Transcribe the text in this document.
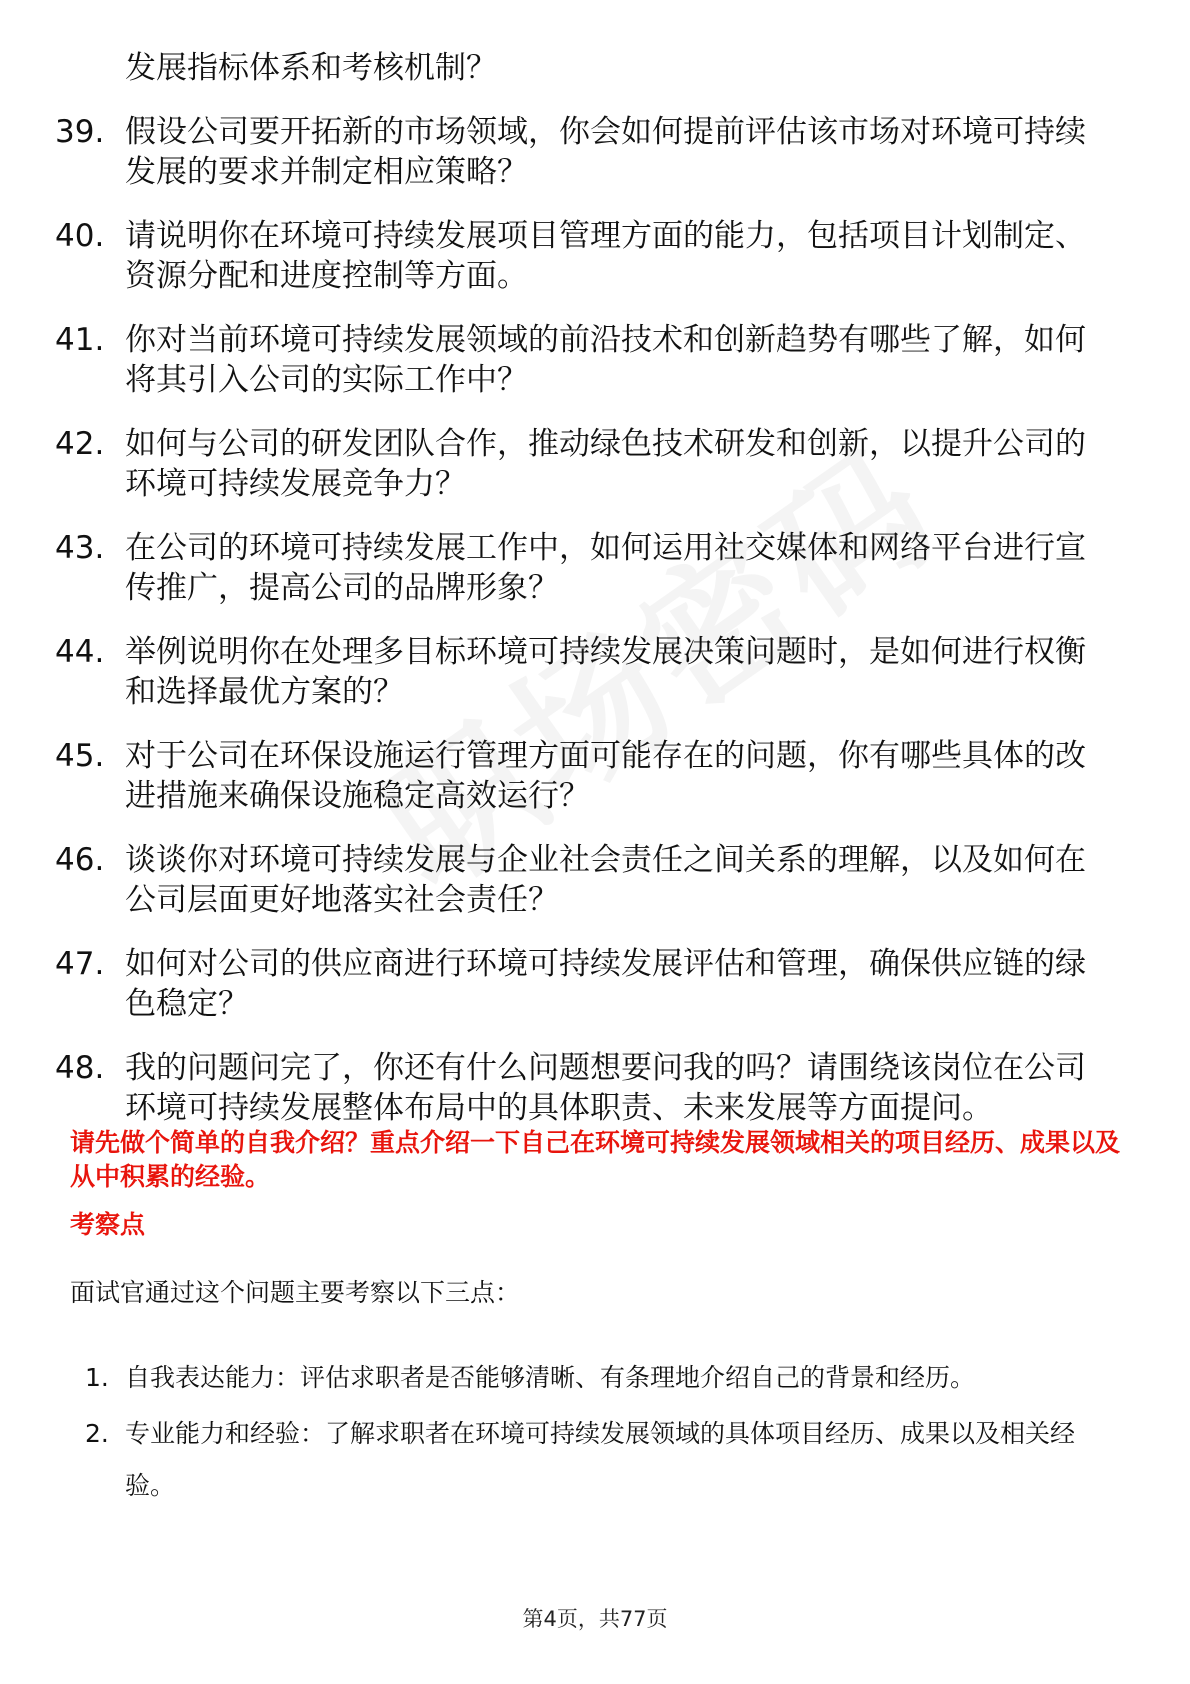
发展指标体系和考核机制？
39. 假设公司要开拓新的市场领域，你会如何提前评估该市场对环境可持续发展的要求并制定相应策略？
40. 请说明你在环境可持续发展项目管理方面的能力，包括项目计划制定、资源分配和进度控制等方面。
41. 你对当前环境可持续发展领域的前沿技术和创新趋势有哪些了解，如何将其引入公司的实际工作中？
42. 如何与公司的研发团队合作，推动绿色技术研发和创新，以提升公司的环境可持续发展竞争力？
43. 在公司的环境可持续发展工作中，如何运用社交媒体和网络平台进行宣传推广，提高公司的品牌形象？
44. 举例说明你在处理多目标环境可持续发展决策问题时，是如何进行权衡和选择最优方案的？
45. 对于公司在环保设施运行管理方面可能存在的问题，你有哪些具体的改进措施来确保设施稳定高效运行？
46. 谈谈你对环境可持续发展与企业社会责任之间关系的理解，以及如何在公司层面更好地落实社会责任？
47. 如何对公司的供应商进行环境可持续发展评估和管理，确保供应链的绿色稳定？
48. 我的问题问完了，你还有什么问题想要问我的吗？请围绕该岗位在公司环境可持续发展整体布局中的具体职责、未来发展等方面提问。
请先做个简单的自我介绍？重点介绍一下自己在环境可持续发展领域相关的项目经历、成果以及从中积累的经验。
考察点
面试官通过这个问题主要考察以下三点：
1. 自我表达能力：评估求职者是否能够清晰、有条理地介绍自己的背景和经历。
2. 专业能力和经验：了解求职者在环境可持续发展领域的具体项目经历、成果以及相关经验。
第4页，共77页
